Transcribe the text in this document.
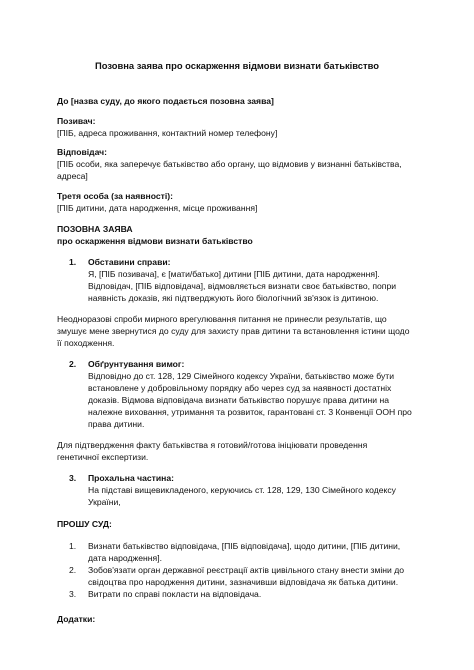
Позовна заява про оскарження відмови визнати батьківство
До [назва суду, до якого подається позовна заява]
Позивач:
[ПІБ, адреса проживання, контактний номер телефону]
Відповідач:
[ПІБ особи, яка заперечує батьківство або органу, що відмовив у визнанні батьківства,
адреса]
Третя особа (за наявності):
[ПІБ дитини, дата народження, місце проживання]
ПОЗОВНА ЗАЯВА
про оскарження відмови визнати батьківство
1. Обставини справи:
Я, [ПІБ позивача], є [мати/батько] дитини [ПІБ дитини, дата народження].
Відповідач, [ПІБ відповідача], відмовляється визнати своє батьківство, попри
наявність доказів, які підтверджують його біологічний зв'язок із дитиною.
Неодноразові спроби мирного врегулювання питання не принесли результатів, що
змушує мене звернутися до суду для захисту прав дитини та встановлення істини щодо
її походження.
2. Обґрунтування вимог:
Відповідно до ст. 128, 129 Сімейного кодексу України, батьківство може бути
встановлене у добровільному порядку або через суд за наявності достатніх
доказів. Відмова відповідача визнати батьківство порушує права дитини на
належне виховання, утримання та розвиток, гарантовані ст. 3 Конвенції ООН про
права дитини.
Для підтвердження факту батьківства я готовий/готова ініціювати проведення
генетичної експертизи.
3. Прохальна частина:
На підставі вищевикладеного, керуючись ст. 128, 129, 130 Сімейного кодексу
України,
ПРОШУ СУД:
1. Визнати батьківство відповідача, [ПІБ відповідача], щодо дитини, [ПІБ дитини,
дата народження].
2. Зобов'язати орган державної реєстрації актів цивільного стану внести зміни до
свідоцтва про народження дитини, зазначивши відповідача як батька дитини.
3. Витрати по справі покласти на відповідача.
Додатки:
